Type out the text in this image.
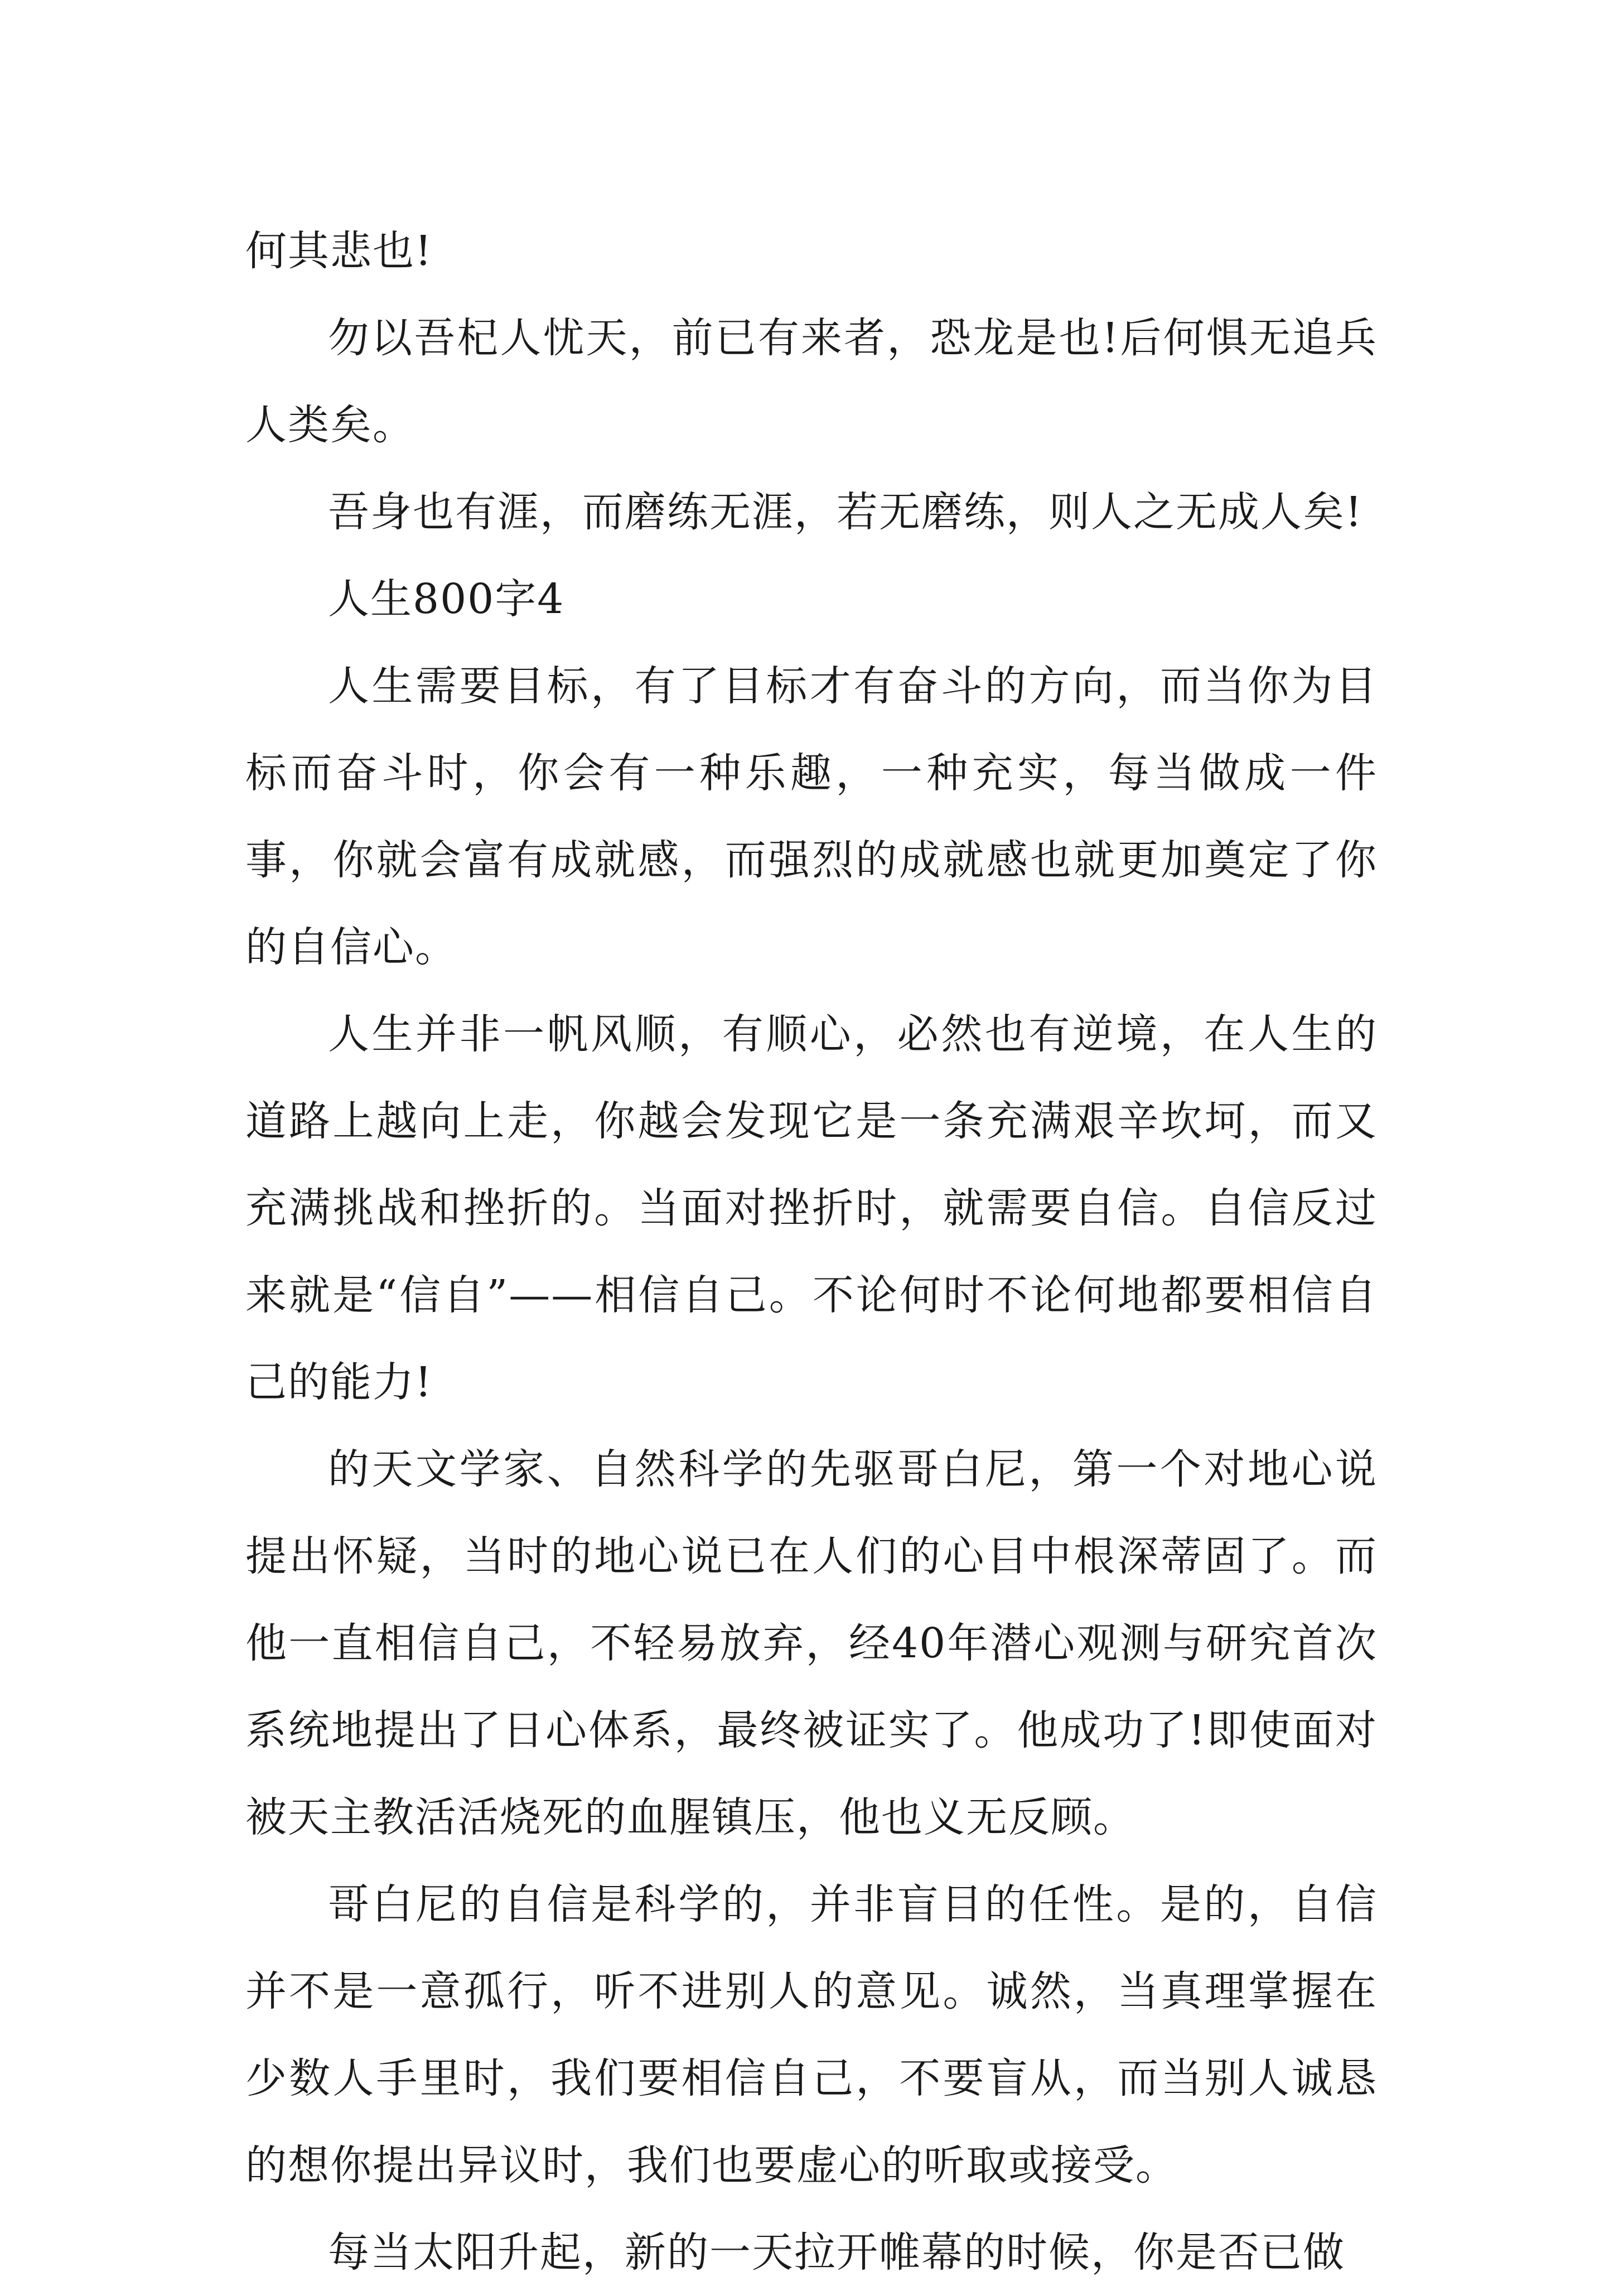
何其悲也!

勿以吾杞人忧天，前已有来者，恐龙是也!后何惧无追兵人类矣。

吾身也有涯，而磨练无涯，若无磨练，则人之无成人矣!

人生800字4

人生需要目标，有了目标才有奋斗的方向，而当你为目标而奋斗时，你会有一种乐趣，一种充实，每当做成一件事，你就会富有成就感，而强烈的成就感也就更加奠定了你的自信心。

人生并非一帆风顺，有顺心，必然也有逆境，在人生的道路上越向上走，你越会发现它是一条充满艰辛坎坷，而又充满挑战和挫折的。当面对挫折时，就需要自信。自信反过来就是“信自”——相信自己。不论何时不论何地都要相信自己的能力!

的天文学家、自然科学的先驱哥白尼，第一个对地心说提出怀疑，当时的地心说已在人们的心目中根深蒂固了。而他一直相信自己，不轻易放弃，经40年潜心观测与研究首次系统地提出了日心体系，最终被证实了。他成功了!即使面对被天主教活活烧死的血腥镇压，他也义无反顾。

哥白尼的自信是科学的，并非盲目的任性。是的，自信并不是一意孤行，听不进别人的意见。诚然，当真理掌握在少数人手里时，我们要相信自己，不要盲从，而当别人诚恳的想你提出异议时，我们也要虚心的听取或接受。

每当太阳升起，新的一天拉开帷幕的时候，你是否已做
